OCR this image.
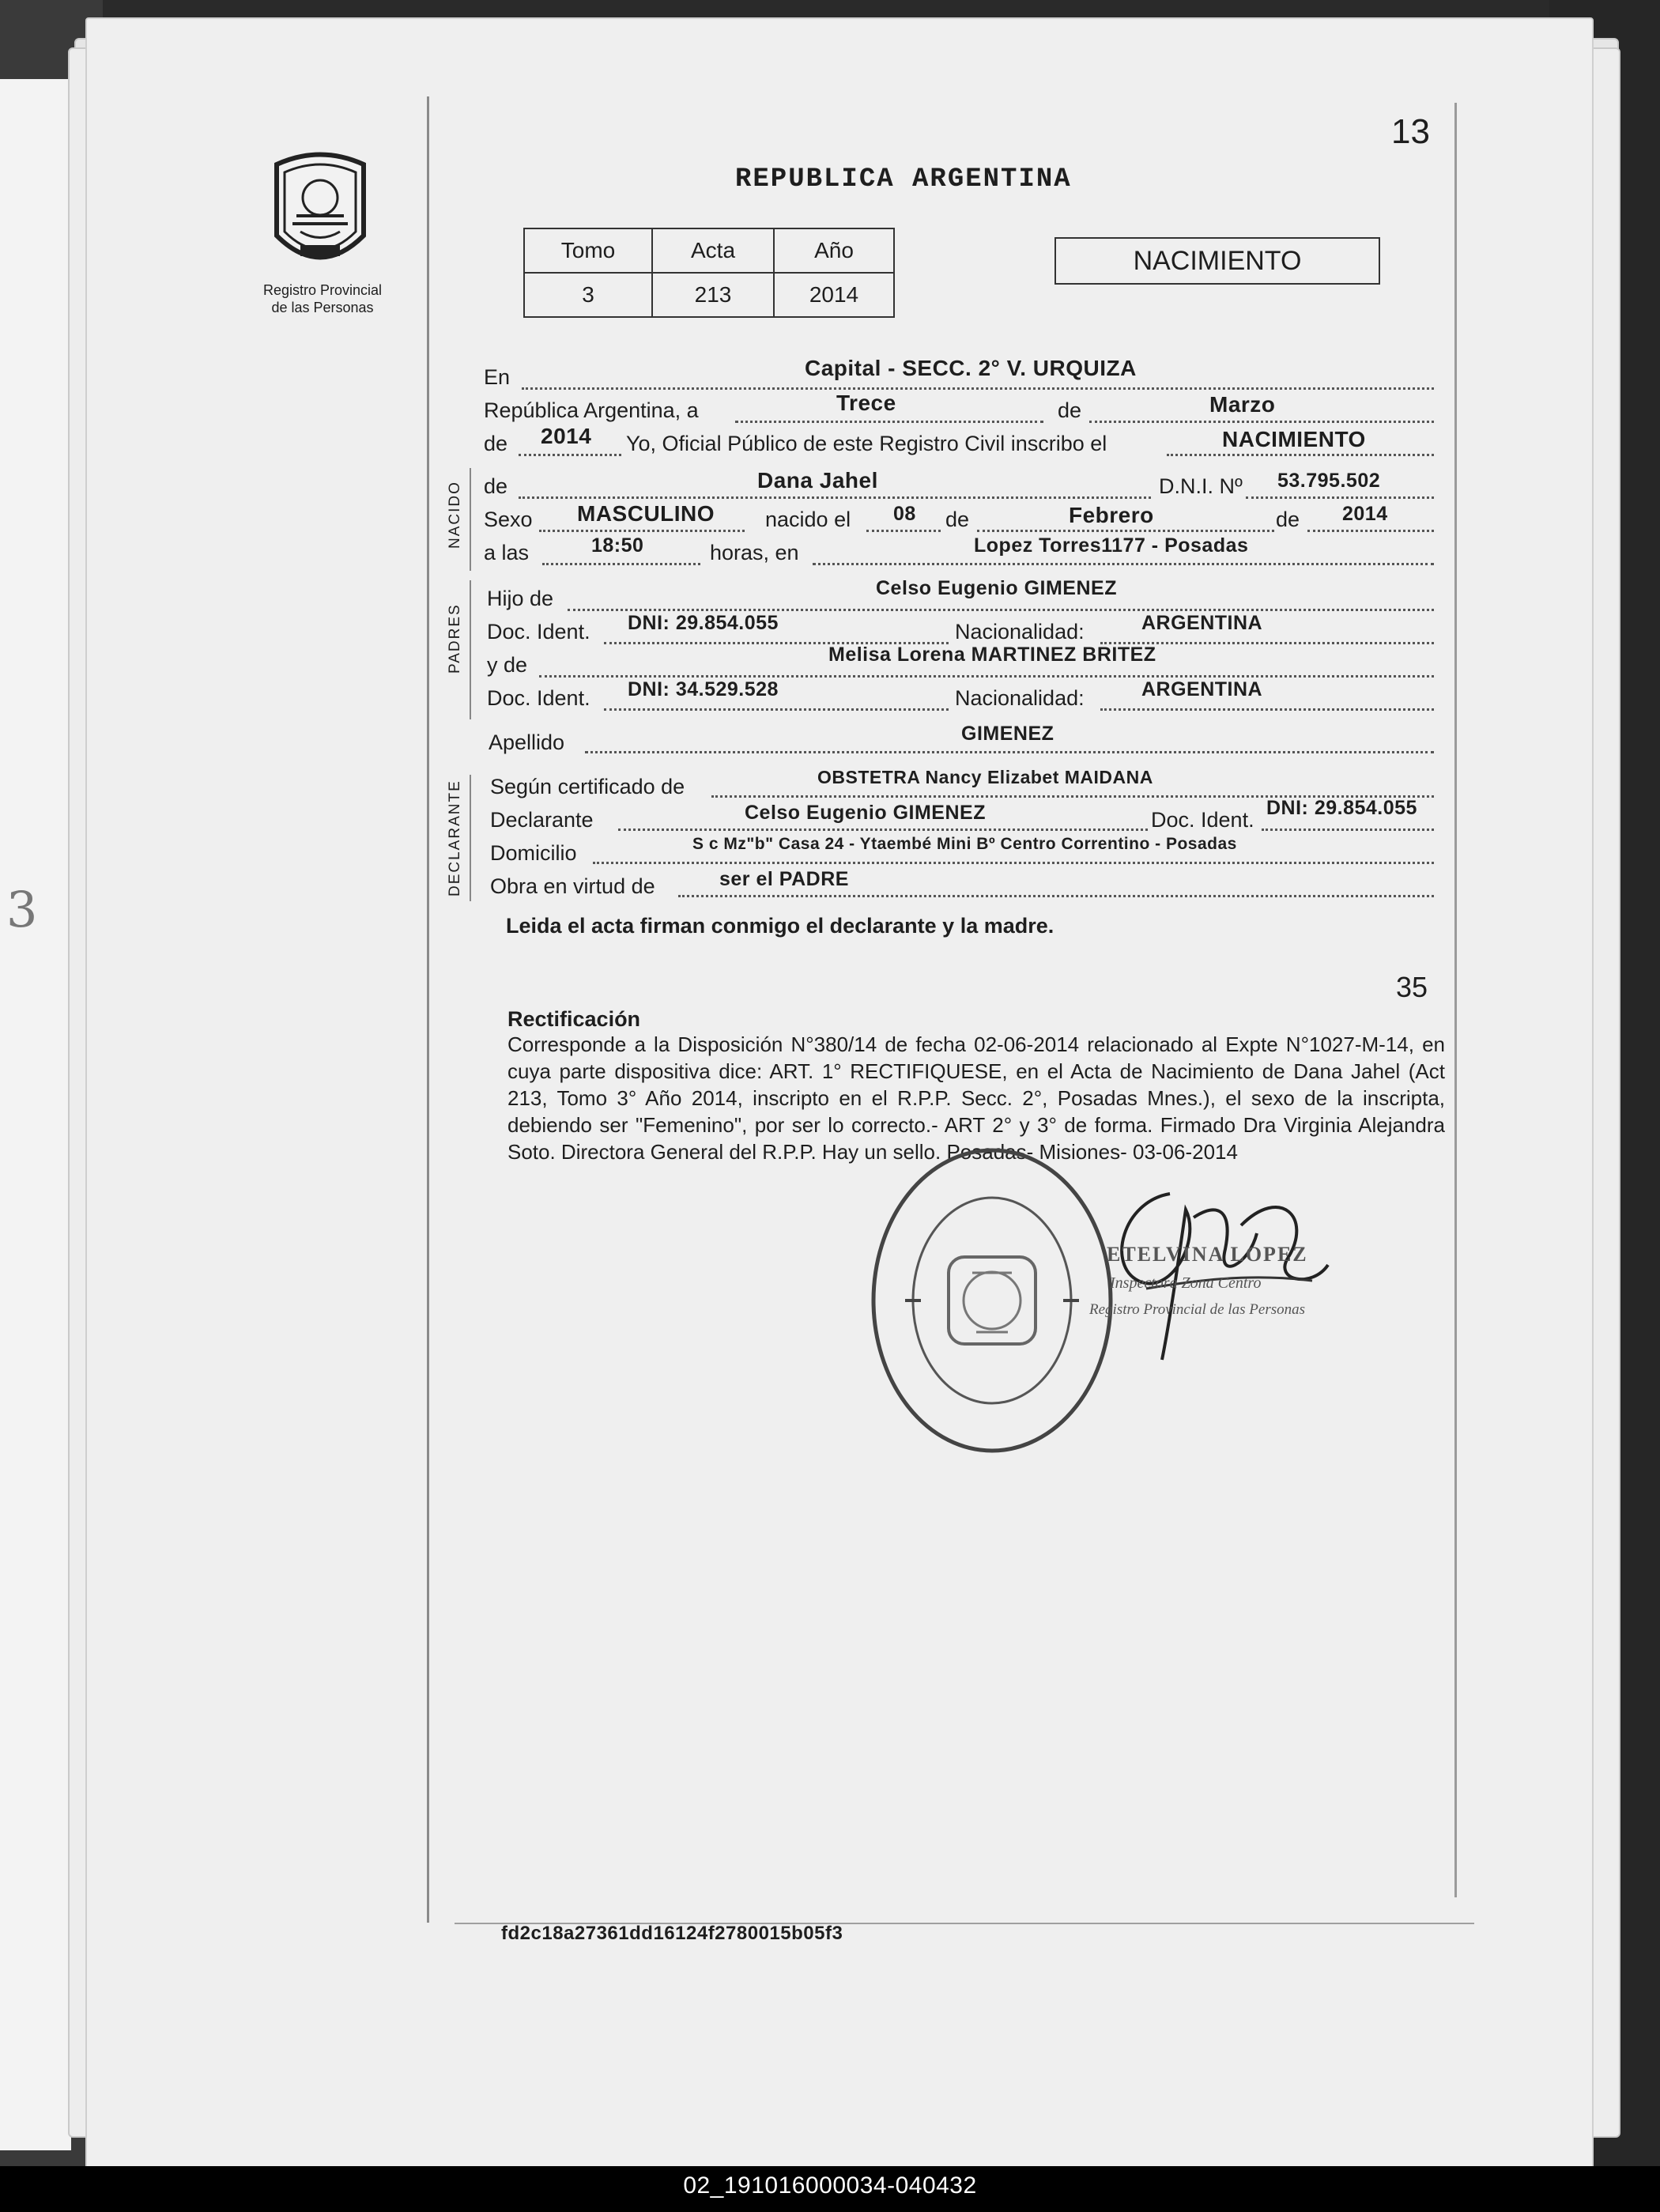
3
13
REPUBLICA ARGENTINA
Registro Provincial
de las Personas
Tomo	Acta	Año
3	213	2014
NACIMIENTO
En	Capital - SECC. 2° V. URQUIZA
República Argentina, a	Trece	de	Marzo
de 2014 Yo, Oficial Público de este Registro Civil inscribo el	NACIMIENTO
NACIDO de	Dana Jahel	D.N.I. Nº 53.795.502
Sexo MASCULINO nacido el 08 de	Febrero	de 2014
a las	18:50	horas, en	Lopez Torres1177 - Posadas
PADRES
Hijo de	Celso Eugenio GIMENEZ
Doc. Ident. DNI: 29.854.055	Nacionalidad:	ARGENTINA
y de	Melisa Lorena MARTINEZ BRITEZ
Doc. Ident. DNI: 34.529.528	Nacionalidad:	ARGENTINA
Apellido	GIMENEZ
DECLARANTE Según certificado de	OBSTETRA Nancy Elizabet MAIDANA
Declarante	Celso Eugenio GIMENEZ	Doc. Ident. DNI: 29.854.055
Domicilio	S c Mz"b" Casa 24 - Ytaembé Mini Bº Centro Correntino - Posadas
Obra en virtud de	ser el PADRE
Leida el acta firman conmigo el declarante y la madre.
35
Rectificación
Corresponde a la Disposición N°380/14 de fecha 02-06-2014 relacionado al Expte N°1027-M-14, en cuya parte dispositiva dice: ART. 1° RECTIFIQUESE, en el Acta de Nacimiento de Dana Jahel (Act 213, Tomo 3° Año 2014, inscripto en el R.P.P. Secc. 2°, Posadas Mnes.), el sexo de la inscripta, debiendo ser "Femenino", por ser lo correcto.- ART 2° y 3° de forma. Firmado Dra Virginia Alejandra Soto. Directora General del R.P.P. Hay un sello. Posadas- Misiones- 03-06-2014
ETELVINA LOPEZ
Inspectora Zona Centro
Registro Provincial de las Personas
fd2c18a27361dd16124f2780015b05f3
02_191016000034-040432
